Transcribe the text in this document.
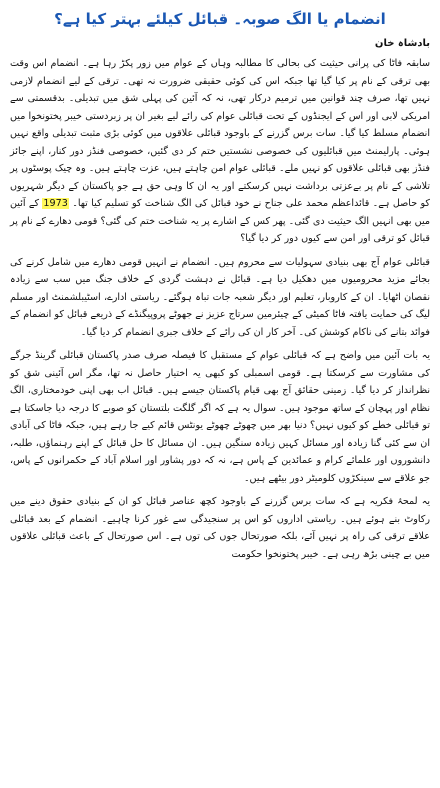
انضمام یا الگ صوبہ۔ قبائل کیلئے بہتر کیا ہے؟
بادشاہ خان

سابقہ فاٹا کی پرانی حیثیت کی بحالی کا مطالبہ وہاں کے عوام میں زور پکڑ رہا ہے۔ انضمام اس وقت بھی ترقی کے نام پر کیا گیا تھا جبکہ اس کی کوئی حقیقی ضرورت نہ تھی۔ ترقی کے لیے انضمام لازمی نہیں تھا، صرف چند قوانین میں ترمیم درکار تھی، نہ کہ آئین کی پہلی شق میں تبدیلی۔ بدقسمتی سے امریکی لابی اور اس کے ایجنڈوں کے تحت قبائلی عوام کی رائے لیے بغیر ان پر زبردستی خیبر پختونخوا میں انضمام مسلط کیا گیا۔ سات برس گزرنے کے باوجود قبائلی علاقوں میں کوئی بڑی مثبت تبدیلی واقع نہیں ہوئی۔ پارلیمنٹ میں قبائلیوں کی خصوصی نشستیں ختم کر دی گئیں، خصوصی فنڈز دور کنار، اپنے جائز فنڈز بھی قبائلی علاقوں کو نہیں ملے۔ قبائلی عوام امن چاہتے ہیں، عزت چاہتے ہیں۔ وہ چیک پوسٹوں پر تلاشی کے نام پر بےعزتی برداشت نہیں کرسکتے اور یہ ان کا وہی حق ہے جو پاکستان کے دیگر شہریوں کو حاصل ہے۔ قائداعظم محمد علی جناح نے خود قبائل کی الگ شناخت کو تسلیم کیا تھا۔ 1973 کے آئین میں بھی انہیں الگ حیثیت دی گئی۔ پھر کس کے اشارے پر یہ شناخت ختم کی گئی؟ قومی دھارے کے نام پر قبائل کو ترقی اور امن سے کیوں دور کر دیا گیا؟

قبائلی عوام آج بھی بنیادی سہولیات سے محروم ہیں۔ انضمام نے انہیں قومی دھارے میں شامل کرنے کی بجائے مزید محرومیوں میں دھکیل دیا ہے۔ قبائل نے دہشت گردی کے خلاف جنگ میں سب سے زیادہ نقصان اٹھایا۔ ان کے کاروبار، تعلیم اور دیگر شعبہ جات تباہ ہوگئے۔ ریاستی ادارے، اسٹیبلشمنٹ اور مسلم لیگ کی حمایت یافتہ فاٹا کمیٹی کے چیئرمین سرتاج عزیز نے جھوٹے پروپیگنڈے کے ذریعے قبائل کو انضمام کے فوائد بتانے کی ناکام کوشش کی۔ آخر کار ان کی رائے کے خلاف جبری انضمام کر دیا گیا۔

یہ بات آئین میں واضح ہے کہ قبائلی عوام کے مستقبل کا فیصلہ صرف صدر پاکستان قبائلی گرینڈ جرگے کی مشاورت سے کرسکتا ہے۔ قومی اسمبلی کو کبھی یہ اختیار حاصل نہ تھا، مگر اس آئینی شق کو نظرانداز کر دیا گیا۔ زمینی حقائق آج بھی قیام پاکستان جیسے ہیں۔ قبائل اب بھی اپنی خودمختاری، الگ نظام اور پہچان کے ساتھ موجود ہیں۔ سوال یہ ہے کہ اگر گلگت بلتستان کو صوبے کا درجہ دیا جاسکتا ہے تو قبائلی خطے کو کیوں نہیں؟ دنیا بھر میں چھوٹے چھوٹے یونٹس قائم کیے جا رہے ہیں، جبکہ فاٹا کی آبادی ان سے کئی گنا زیادہ اور مسائل کہیں زیادہ سنگین ہیں۔ ان مسائل کا حل قبائل کے اپنے رہنماؤں، طلبہ، دانشوروں اور علمائے کرام و عمائدین کے پاس ہے، نہ کہ دور پشاور اور اسلام آباد کے حکمرانوں کے پاس، جو علاقے سے سینکڑوں کلومیٹر دور بیٹھے ہیں۔

یہ لمحۂ فکریہ ہے کہ سات برس گزرنے کے باوجود کچھ عناصر قبائل کو ان کے بنیادی حقوق دینے میں رکاوٹ بنے ہوئے ہیں۔ ریاستی اداروں کو اس پر سنجیدگی سے غور کرنا چاہیے۔ انضمام کے بعد قبائلی علاقے ترقی کی راہ پر نہیں آئے، بلکہ صورتحال جوں کی توں ہے۔ اس صورتحال کے باعث قبائلی علاقوں میں بے چینی بڑھ رہی ہے۔ خیبر پختونخوا حکومت
